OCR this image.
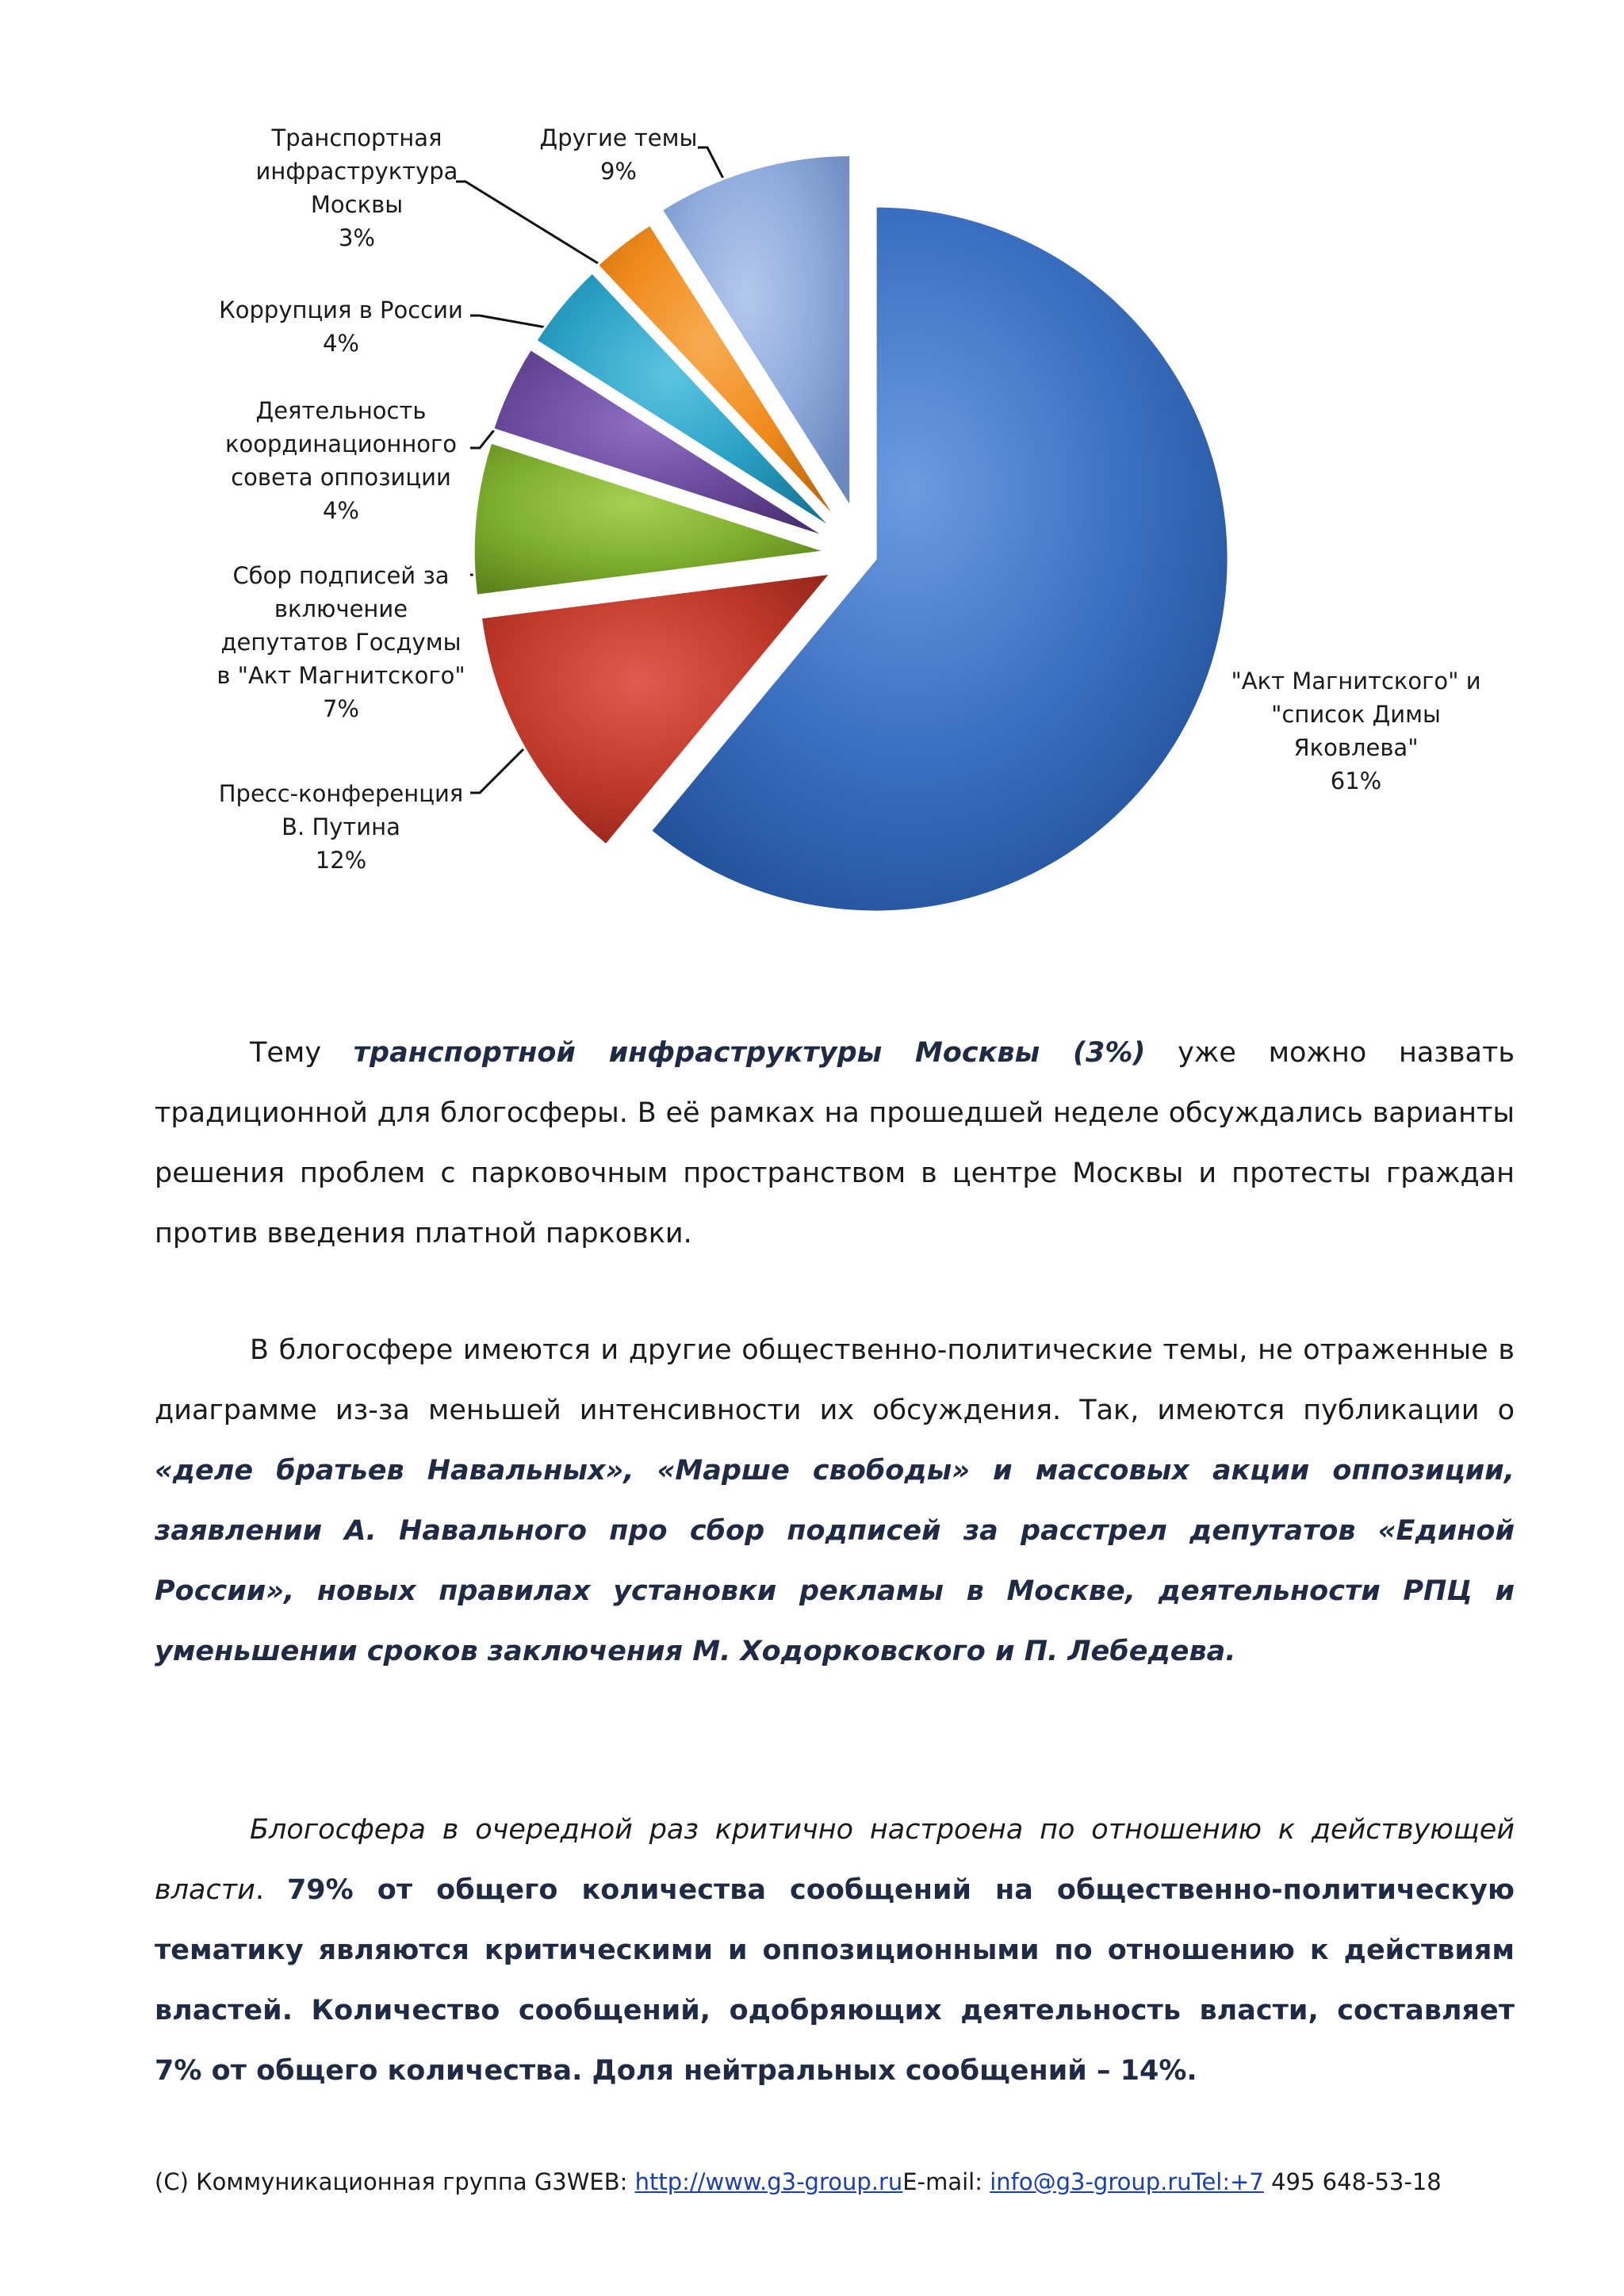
"Акт Магнитского" и
"список Димы
Яковлева"
61%
Пресс-конференция
В. Путина
12%
Сбор подписей за
включение
депутатов Госдумы
в "Акт Магнитского"
7%
Деятельность
координационного
совета оппозиции
4%
Коррупция в России
4%
Транспортная
инфраструктура
Москвы
3%
Другие темы
9%
Тему транспортной инфраструктуры Москвы (3%) уже можно назвать традиционной для блогосферы. В её рамках на прошедшей неделе обсуждались варианты решения проблем с парковочным пространством в центре Москвы и протесты граждан против введения платной парковки.
В блогосфере имеются и другие общественно-политические темы, не отраженные в диаграмме из-за меньшей интенсивности их обсуждения. Так, имеются публикации о «деле братьев Навальных», «Марше свободы» и массовых акции оппозиции, заявлении А. Навального про сбор подписей за расстрел депутатов «Единой России», новых правилах установки рекламы в Москве, деятельности РПЦ и уменьшении сроков заключения М. Ходорковского и П. Лебедева.
Блогосфера в очередной раз критично настроена по отношению к действующей власти. 79% от общего количества сообщений на общественно-политическую тематику являются критическими и оппозиционными по отношению к действиям властей. Количество сообщений, одобряющих деятельность власти, составляет 7% от общего количества. Доля нейтральных сообщений – 14%.
(С) Коммуникационная группа G3WEB: http://www.g3-group.ruE-mail: info@g3-group.ruTel:+7 495 648-53-18
